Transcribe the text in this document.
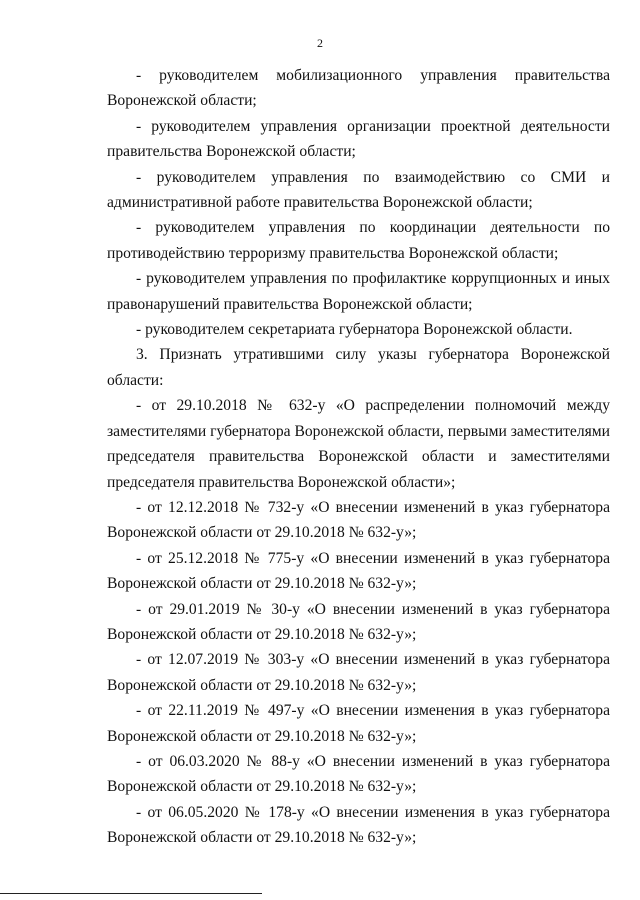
2

- руководителем мобилизационного управления правительства Воронежской области;

- руководителем управления организации проектной деятельности правительства Воронежской области;

- руководителем управления по взаимодействию со СМИ и административной работе правительства Воронежской области;

- руководителем управления по координации деятельности по противодействию терроризму правительства Воронежской области;

- руководителем управления по профилактике коррупционных и иных правонарушений правительства Воронежской области;

- руководителем секретариата губернатора Воронежской области.

3. Признать утратившими силу указы губернатора Воронежской области:

- от 29.10.2018 № 632-у «О распределении полномочий между заместителями губернатора Воронежской области, первыми заместителями председателя правительства Воронежской области и заместителями председателя правительства Воронежской области»;

- от 12.12.2018 № 732-у «О внесении изменений в указ губернатора Воронежской области от 29.10.2018 № 632-у»;

- от 25.12.2018 № 775-у «О внесении изменений в указ губернатора Воронежской области от 29.10.2018 № 632-у»;

- от 29.01.2019 № 30-у «О внесении изменений в указ губернатора Воронежской области от 29.10.2018 № 632-у»;

- от 12.07.2019 № 303-у «О внесении изменений в указ губернатора Воронежской области от 29.10.2018 № 632-у»;

- от 22.11.2019 № 497-у «О внесении изменения в указ губернатора Воронежской области от 29.10.2018 № 632-у»;

- от 06.03.2020 № 88-у «О внесении изменений в указ губернатора Воронежской области от 29.10.2018 № 632-у»;

- от 06.05.2020 № 178-у «О внесении изменения в указ губернатора Воронежской области от 29.10.2018 № 632-у»;
